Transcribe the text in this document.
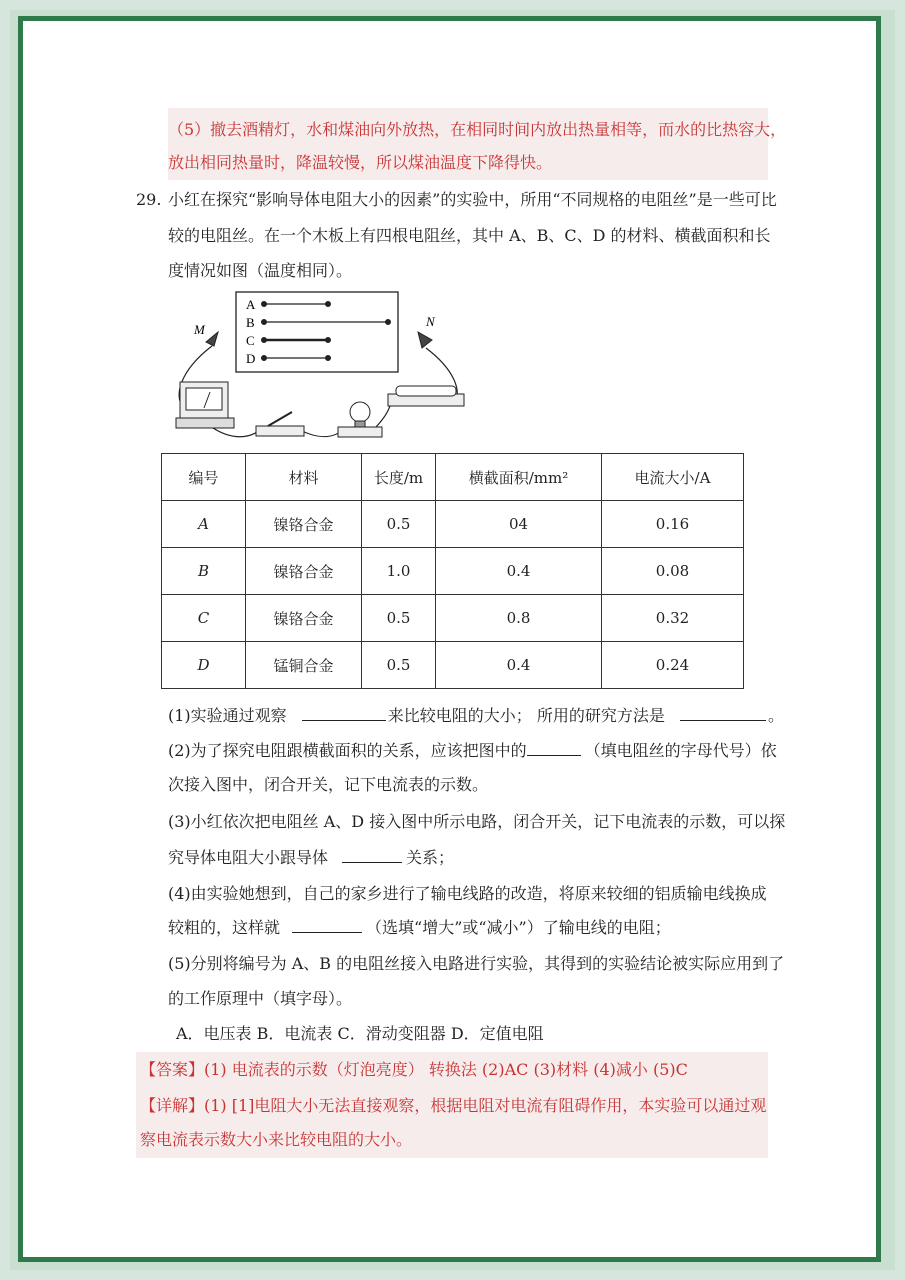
（5）撤去酒精灯，水和煤油向外放热，在相同时间内放出热量相等，而水的比热容大，
放出相同热量时，降温较慢，所以煤油温度下降得快。
29. 小红在探究“影响导体电阻大小的因素”的实验中，所用“不同规格的电阻丝”是一些可比
较的电阻丝。在一个木板上有四根电阻丝，其中 A、B、C、D 的材料、横截面积和长
度情况如图（温度相同）。
A
B
C
D
M
N
编号	材料	长度/m	横截面积/mm²	电流大小/A
A	镍铬合金	0.5	04	0.16
B	镍铬合金	1.0	0.4	0.08
C	镍铬合金	0.5	0.8	0.32
D	锰铜合金	0.5	0.4	0.24
(1)实验通过观察	来比较电阻的大小； 所用的研究方法是	。
(2)为了探究电阻跟横截面积的关系，应该把图中的	（填电阻丝的字母代号）依
次接入图中，闭合开关，记下电流表的示数。
(3)小红依次把电阻丝 A、D 接入图中所示电路，闭合开关，记下电流表的示数，可以探
究导体电阻大小跟导体	关系；
(4)由实验她想到，自己的家乡进行了输电线路的改造，将原来较细的铝质输电线换成
较粗的，这样就	（选填“增大”或“减小”）了输电线的电阻；
(5)分别将编号为 A、B 的电阻丝接入电路进行实验，其得到的实验结论被实际应用到了
的工作原理中（填字母）。
A．电压表 B．电流表 C．滑动变阻器 D．定值电阻
【答案】(1) 电流表的示数（灯泡亮度） 转换法 (2)AC (3)材料 (4)减小 (5)C
【详解】(1) [1]电阻大小无法直接观察，根据电阻对电流有阻碍作用，本实验可以通过观
察电流表示数大小来比较电阻的大小。
